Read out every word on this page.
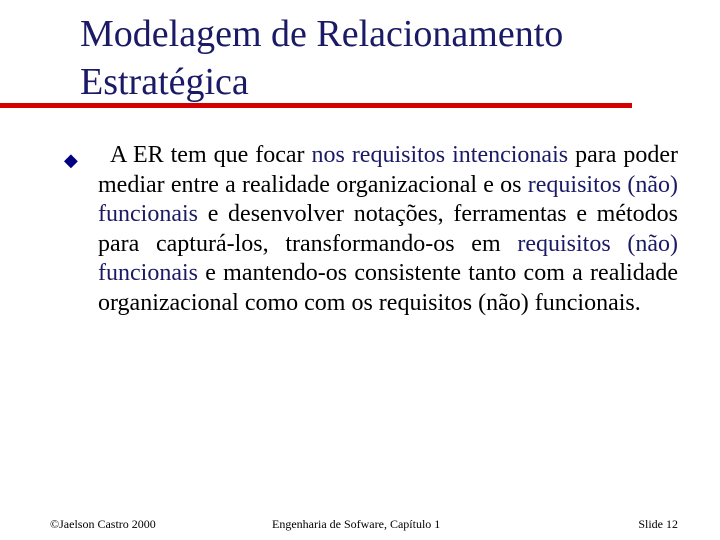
Modelagem de Relacionamento
Estratégica
◆	A ER tem que focar nos requisitos intencionais para poder mediar entre a realidade organizacional e os requisitos (não) funcionais e desenvolver notações, ferramentas e métodos para capturá-los, transformando-os em requisitos (não) funcionais e mantendo-os consistente tanto com a realidade organizacional como com os requisitos (não) funcionais.
©Jaelson Castro 2000	Engenharia de Sofware, Capítulo 1	Slide 12
